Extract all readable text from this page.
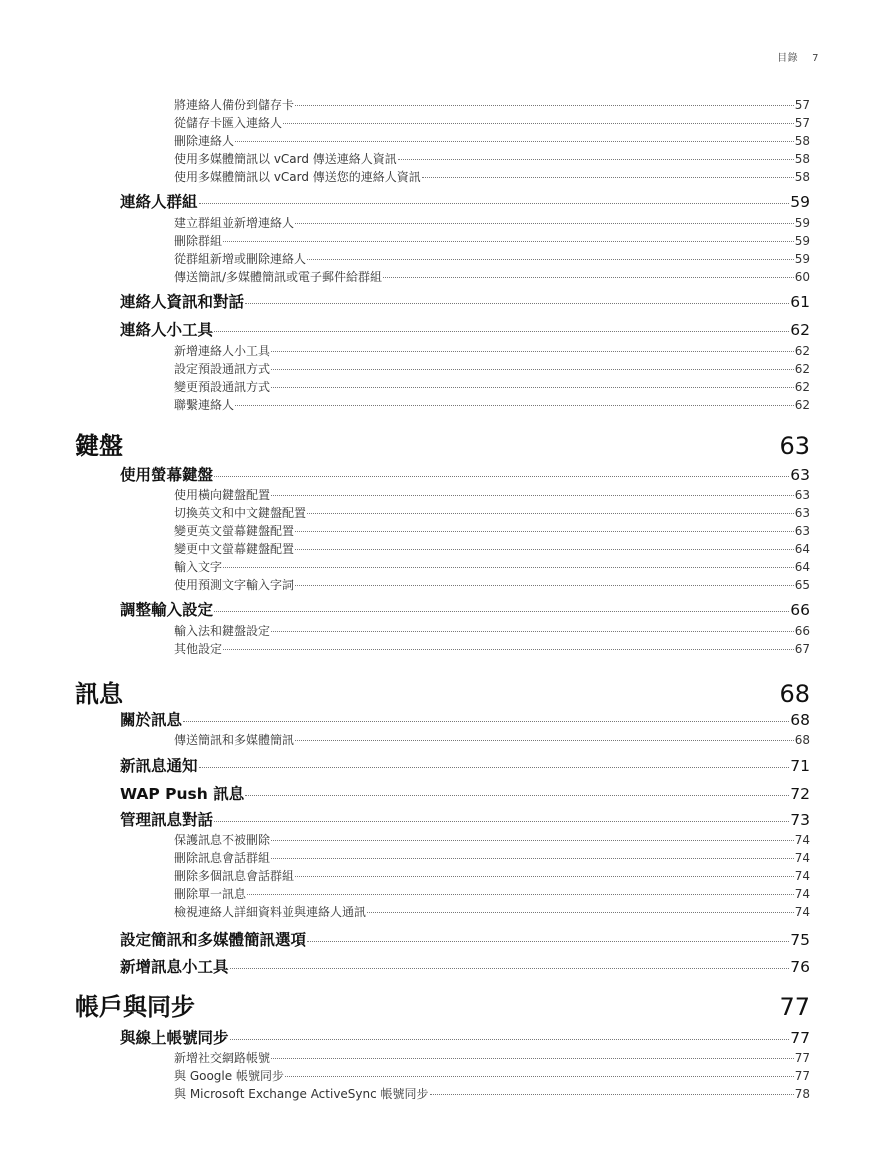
目錄 7
將連絡人備份到儲存卡	57
從儲存卡匯入連絡人	57
刪除連絡人	58
使用多媒體簡訊以 vCard 傳送連絡人資訊	58
使用多媒體簡訊以 vCard 傳送您的連絡人資訊	58
連絡人群組	59
建立群組並新增連絡人	59
刪除群組	59
從群組新增或刪除連絡人	59
傳送簡訊/多媒體簡訊或電子郵件給群組	60
連絡人資訊和對話	61
連絡人小工具	62
新增連絡人小工具	62
設定預設通訊方式	62
變更預設通訊方式	62
聯繫連絡人	62
鍵盤	63
使用螢幕鍵盤	63
使用橫向鍵盤配置	63
切換英文和中文鍵盤配置	63
變更英文螢幕鍵盤配置	63
變更中文螢幕鍵盤配置	64
輸入文字	64
使用預測文字輸入字詞	65
調整輸入設定	66
輸入法和鍵盤設定	66
其他設定	67
訊息	68
關於訊息	68
傳送簡訊和多媒體簡訊	68
新訊息通知	71
WAP Push 訊息	72
管理訊息對話	73
保護訊息不被刪除	74
刪除訊息會話群組	74
刪除多個訊息會話群組	74
刪除單一訊息	74
檢視連絡人詳細資料並與連絡人通訊	74
設定簡訊和多媒體簡訊選項	75
新增訊息小工具	76
帳戶與同步	77
與線上帳號同步	77
新增社交網路帳號	77
與 Google 帳號同步	77
與 Microsoft Exchange ActiveSync 帳號同步	78
